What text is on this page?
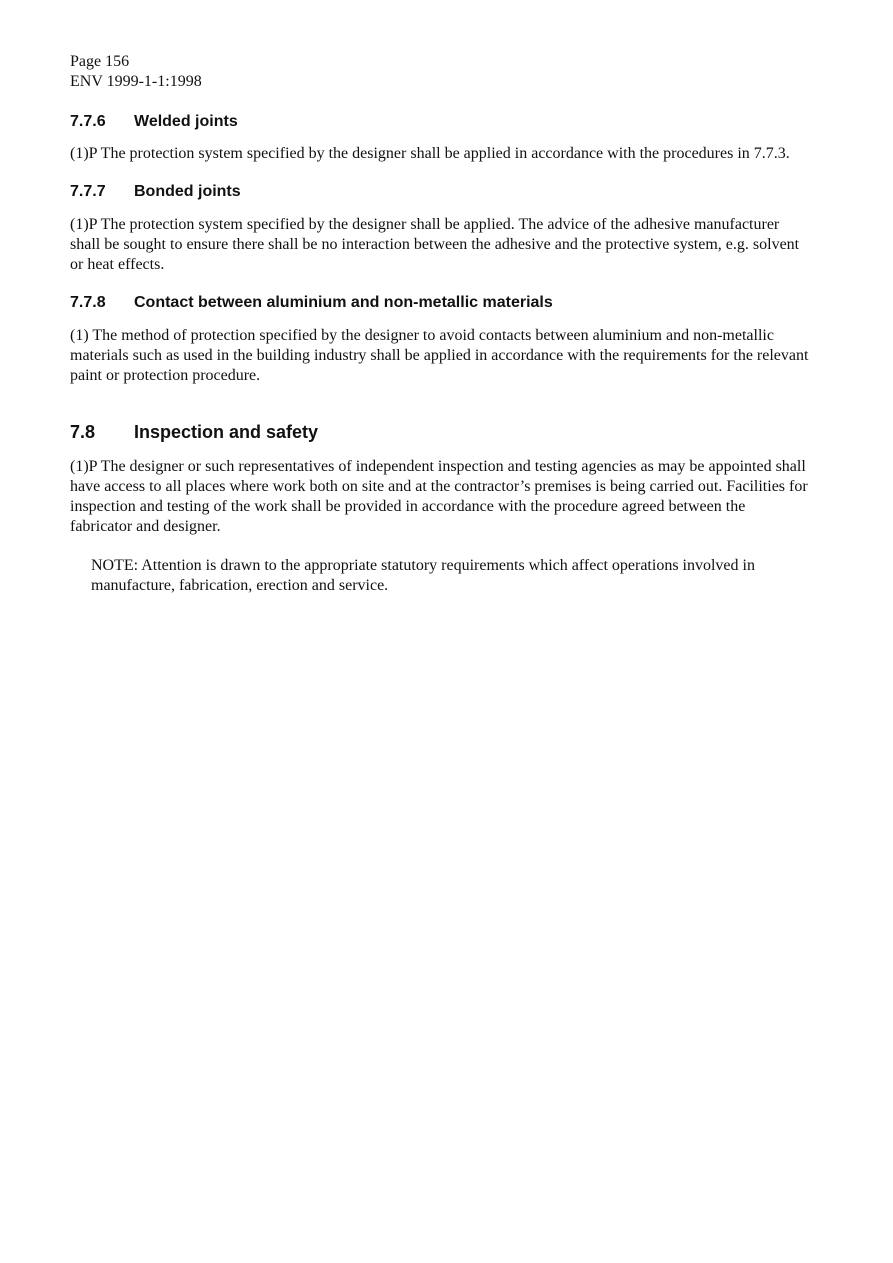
Page 156

ENV 1999-1-1:1998

7.7.6	Welded joints

(1)P The protection system specified by the designer shall be applied in accordance with the procedures in 7.7.3.

7.7.7	Bonded joints

(1)P The protection system specified by the designer shall be applied. The advice of the adhesive manufacturer shall be sought to ensure there shall be no interaction between the adhesive and the protective system, e.g. solvent or heat effects.

7.7.8	Contact between aluminium and non-metallic materials

(1) The method of protection specified by the designer to avoid contacts between aluminium and non-metallic materials such as used in the building industry shall be applied in accordance with the requirements for the relevant paint or protection procedure.

7.8	Inspection and safety

(1)P The designer or such representatives of independent inspection and testing agencies as may be appointed shall have access to all places where work both on site and at the contractor’s premises is being carried out. Facilities for inspection and testing of the work shall be provided in accordance with the procedure agreed between the fabricator and designer.

NOTE: Attention is drawn to the appropriate statutory requirements which affect operations involved in manufacture, fabrication, erection and service.
